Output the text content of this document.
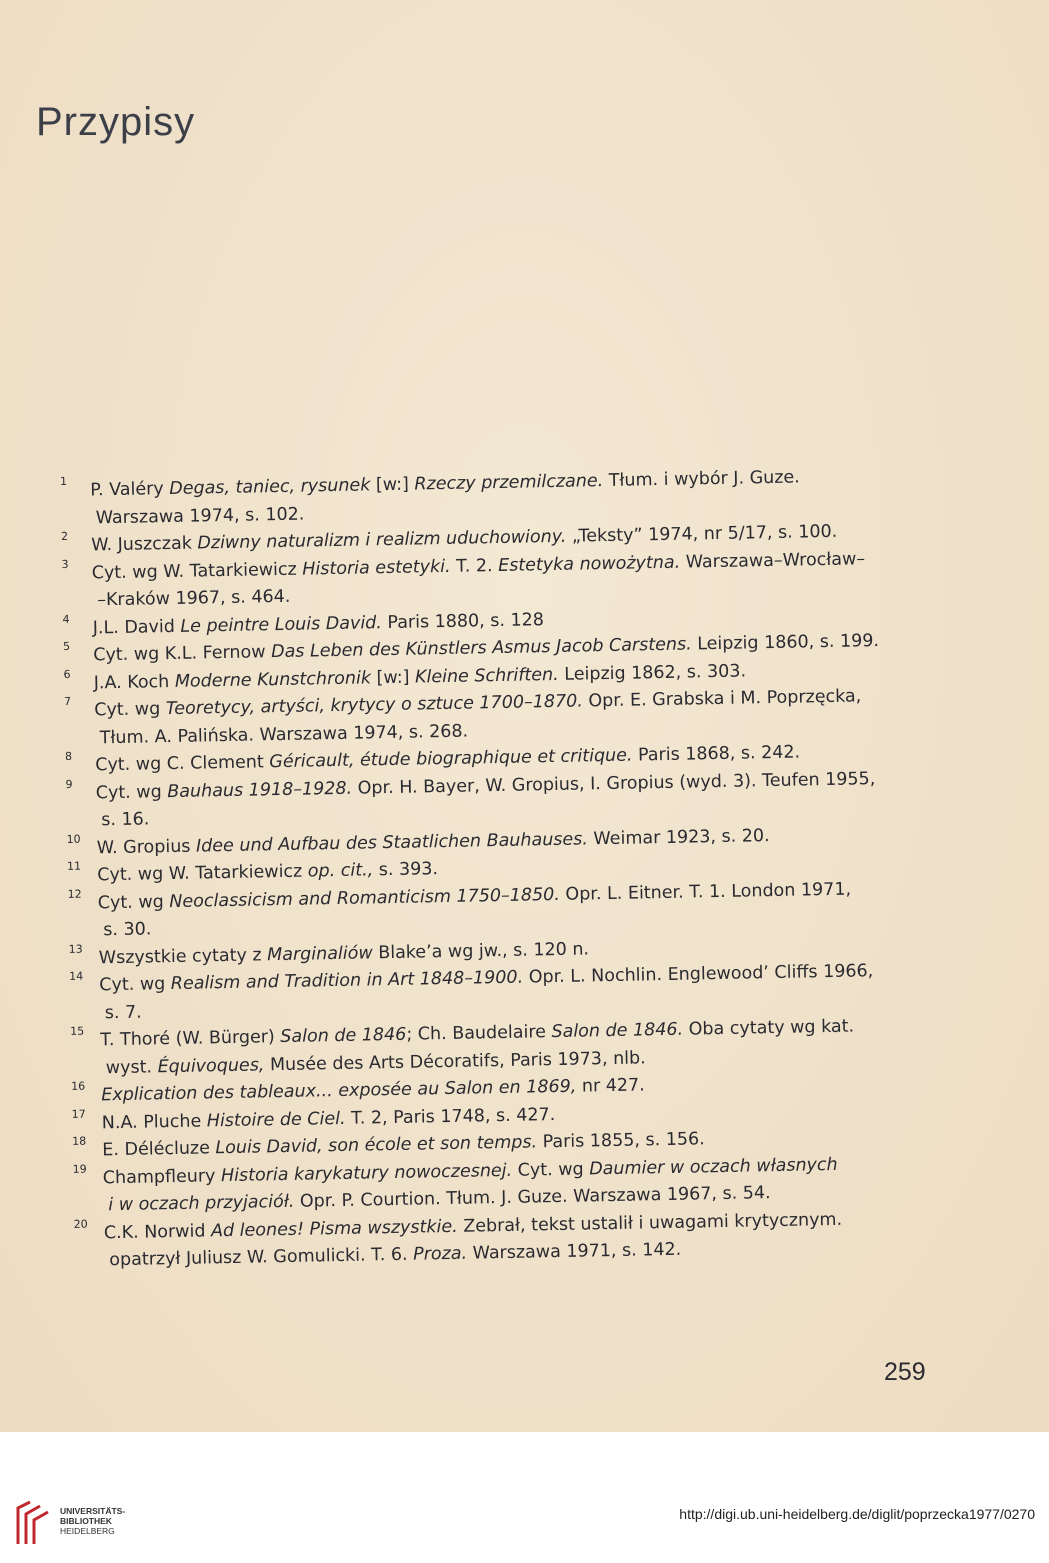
Przypisy
1 P. Valéry Degas, taniec, rysunek [w:] Rzeczy przemilczane. Tłum. i wybór J. Guze.
Warszawa 1974, s. 102.
2 W. Juszczak Dziwny naturalizm i realizm uduchowiony. „Teksty” 1974, nr 5/17, s. 100.
3 Cyt. wg W. Tatarkiewicz Historia estetyki. T. 2. Estetyka nowożytna. Warszawa–Wrocław–
–Kraków 1967, s. 464.
4 J.L. David Le peintre Louis David. Paris 1880, s. 128
5 Cyt. wg K.L. Fernow Das Leben des Künstlers Asmus Jacob Carstens. Leipzig 1860, s. 199.
6 J.A. Koch Moderne Kunstchronik [w:] Kleine Schriften. Leipzig 1862, s. 303.
7 Cyt. wg Teoretycy, artyści, krytycy o sztuce 1700–1870. Opr. E. Grabska i M. Poprzęcka,
Tłum. A. Palińska. Warszawa 1974, s. 268.
8 Cyt. wg C. Clement Géricault, étude biographique et critique. Paris 1868, s. 242.
9 Cyt. wg Bauhaus 1918–1928. Opr. H. Bayer, W. Gropius, I. Gropius (wyd. 3). Teufen 1955,
s. 16.
10 W. Gropius Idee und Aufbau des Staatlichen Bauhauses. Weimar 1923, s. 20.
11 Cyt. wg W. Tatarkiewicz op. cit., s. 393.
12 Cyt. wg Neoclassicism and Romanticism 1750–1850. Opr. L. Eitner. T. 1. London 1971,
s. 30.
13 Wszystkie cytaty z Marginaliów Blake’a wg jw., s. 120 n.
14 Cyt. wg Realism and Tradition in Art 1848–1900. Opr. L. Nochlin. Englewood’ Cliffs 1966,
s. 7.
15 T. Thoré (W. Bürger) Salon de 1846; Ch. Baudelaire Salon de 1846. Oba cytaty wg kat.
wyst. Équivoques, Musée des Arts Décoratifs, Paris 1973, nlb.
16 Explication des tableaux... exposée au Salon en 1869, nr 427.
17 N.A. Pluche Histoire de Ciel. T. 2, Paris 1748, s. 427.
18 E. Délécluze Louis David, son école et son temps. Paris 1855, s. 156.
19 Champfleury Historia karykatury nowoczesnej. Cyt. wg Daumier w oczach własnych
i w oczach przyjaciół. Opr. P. Courtion. Tłum. J. Guze. Warszawa 1967, s. 54.
20 C.K. Norwid Ad leones! Pisma wszystkie. Zebrał, tekst ustalił i uwagami krytycznym.
opatrzył Juliusz W. Gomulicki. T. 6. Proza. Warszawa 1971, s. 142.
259
UNIVERSITÄTS-
BIBLIOTHEK
HEIDELBERG
http://digi.ub.uni-heidelberg.de/diglit/poprzecka1977/0270
